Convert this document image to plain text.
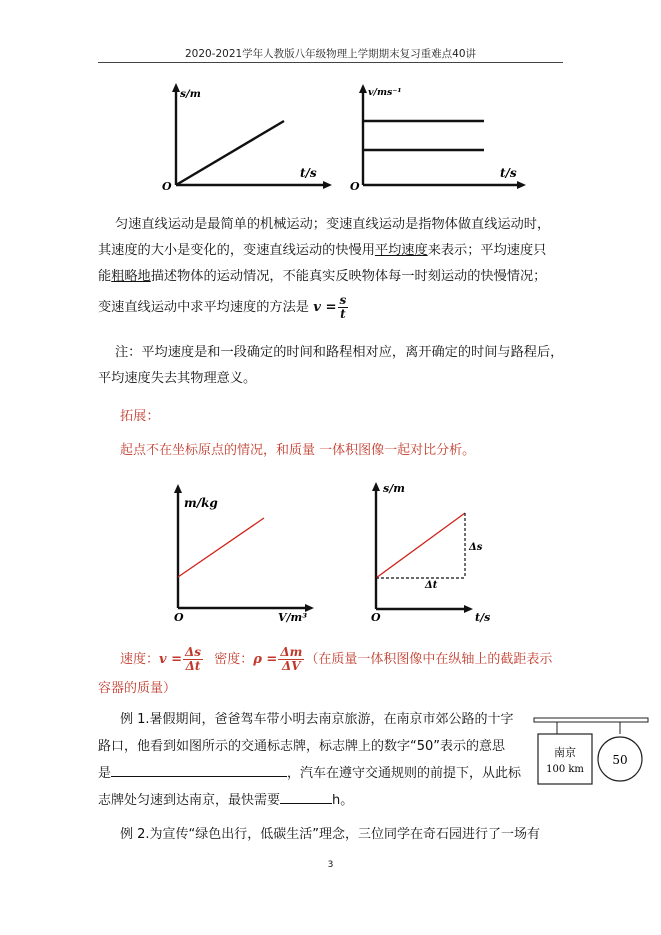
2020-2021学年人教版八年级物理上学期期末复习重难点40讲
s/m
t/s
O
v/ms⁻¹
t/s
O
匀速直线运动是最简单的机械运动；变速直线运动是指物体做直线运动时，
其速度的大小是变化的，变速直线运动的快慢用平均速度来表示；平均速度只
能粗略地描述物体的运动情况，不能真实反映物体每一时刻运动的快慢情况；
变速直线运动中求平均速度的方法是 $v = \frac{s}{t}$
注：平均速度是和一段确定的时间和路程相对应，离开确定的时间与路程后，
平均速度失去其物理意义。
拓展：
起点不在坐标原点的情况，和质量 一体积图像一起对比分析。
m/kg
V/m³
O
s/m
t/s
O
Δs
Δt
速度：$v = \frac{\Delta s}{\Delta t}$ 密度：$\rho = \frac{\Delta m}{\Delta V}$ （在质量一体积图像中在纵轴上的截距表示
容器的质量）
例 1.暑假期间，爸爸驾车带小明去南京旅游，在南京市郊公路的十字
路口，他看到如图所示的交通标志牌，标志牌上的数字“50”表示的意思
是	，汽车在遵守交通规则的前提下，从此标
志牌处匀速到达南京，最快需要	h。
南京
100 km
50
例 2.为宣传“绿色出行，低碳生活”理念，三位同学在奇石园进行了一场有
3
